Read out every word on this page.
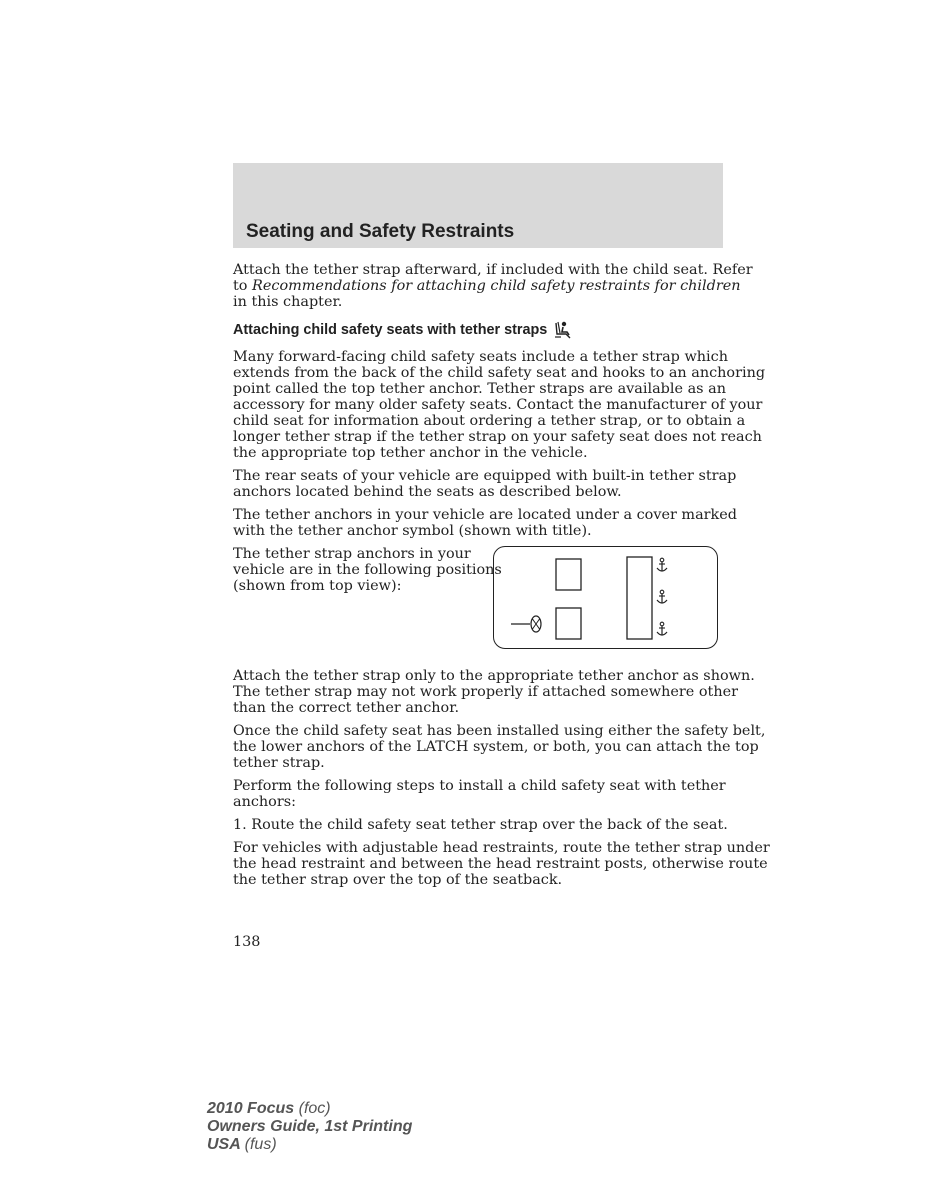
Seating and Safety Restraints

Attach the tether strap afterward, if included with the child seat. Refer
to Recommendations for attaching child safety restraints for children
in this chapter.

Attaching child safety seats with tether straps

Many forward-facing child safety seats include a tether strap which
extends from the back of the child safety seat and hooks to an anchoring
point called the top tether anchor. Tether straps are available as an
accessory for many older safety seats. Contact the manufacturer of your
child seat for information about ordering a tether strap, or to obtain a
longer tether strap if the tether strap on your safety seat does not reach
the appropriate top tether anchor in the vehicle.

The rear seats of your vehicle are equipped with built-in tether strap
anchors located behind the seats as described below.

The tether anchors in your vehicle are located under a cover marked
with the tether anchor symbol (shown with title).

The tether strap anchors in your
vehicle are in the following positions
(shown from top view):

Attach the tether strap only to the appropriate tether anchor as shown.
The tether strap may not work properly if attached somewhere other
than the correct tether anchor.

Once the child safety seat has been installed using either the safety belt,
the lower anchors of the LATCH system, or both, you can attach the top
tether strap.

Perform the following steps to install a child safety seat with tether
anchors:

1. Route the child safety seat tether strap over the back of the seat.

For vehicles with adjustable head restraints, route the tether strap under
the head restraint and between the head restraint posts, otherwise route
the tether strap over the top of the seatback.

138
2010 Focus (foc)
Owners Guide, 1st Printing
USA (fus)
